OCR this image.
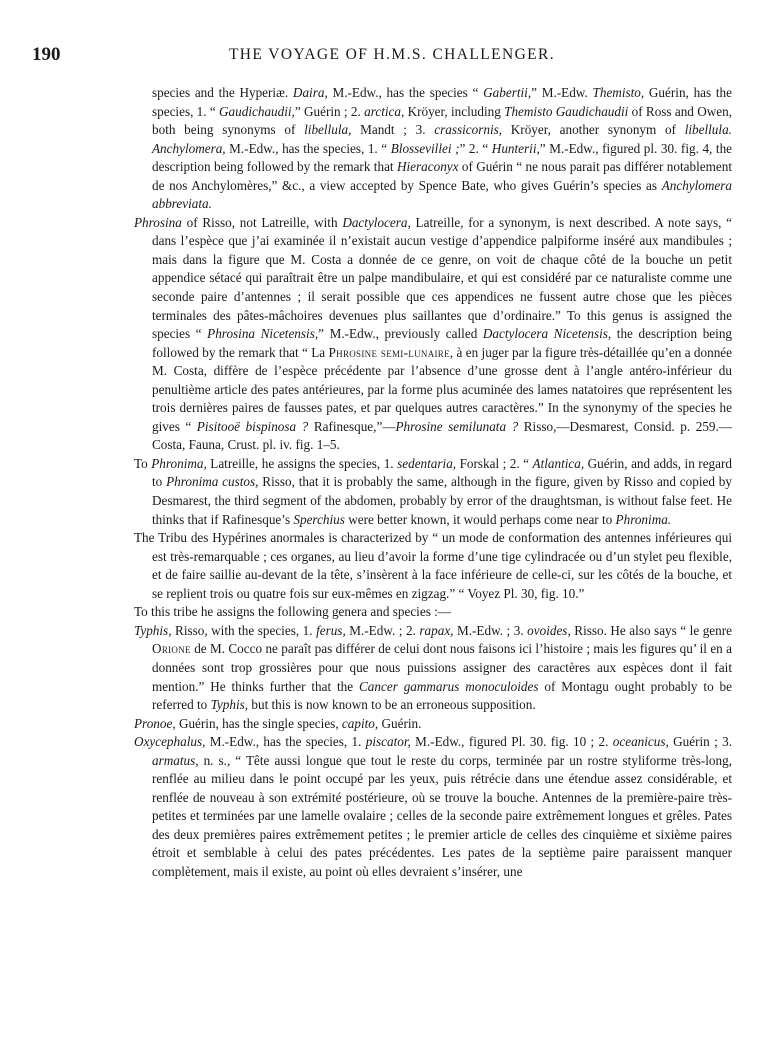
190	THE VOYAGE OF H.M.S. CHALLENGER.

species and the Hyperiæ. Daira, M.-Edw., has the species “ Gabertii,” M.-Edw. Themisto, Guérin, has the species, 1. “ Gaudichaudii,” Guérin ; 2. arctica, Kröyer, including Themisto Gaudichaudii of Ross and Owen, both being synonyms of libellula, Mandt ; 3. crassicornis, Kröyer, another synonym of libellula. Anchylomera, M.-Edw., has the species, 1. “ Blossevillei ;” 2. “ Hunterii,” M.-Edw., figured pl. 30. fig. 4, the description being followed by the remark that Hieraconyx of Guérin “ ne nous parait pas différer notablement de nos Anchylomères,” &c., a view accepted by Spence Bate, who gives Guérin’s species as Anchylomera abbreviata.

Phrosina of Risso, not Latreille, with Dactylocera, Latreille, for a synonym, is next described. A note says, “ dans l’espèce que j’ai examinée il n’existait aucun vestige d’appendice palpiforme inséré aux mandibules ; mais dans la figure que M. Costa a donnée de ce genre, on voit de chaque côté de la bouche un petit appendice sétacé qui paraîtrait être un palpe mandibulaire, et qui est considéré par ce naturaliste comme une seconde paire d’antennes ; il serait possible que ces appendices ne fussent autre chose que les pièces terminales des pâtes-mâchoires devenues plus saillantes que d’ordinaire.” To this genus is assigned the species “ Phrosina Nicetensis,” M.-Edw., previously called Dactylocera Nicetensis, the description being followed by the remark that “ La Phrosine semi-lunaire, à en juger par la figure très-détaillée qu’en a donnée M. Costa, diffère de l’espèce précédente par l’absence d’une grosse dent à l’angle antéro-inférieur du penultième article des pates antérieures, par la forme plus acuminée des lames natatoires que représentent les trois dernières paires de fausses pates, et par quelques autres caractères.” In the synonymy of the species he gives “ Pisitooë bispinosa ? Rafinesque,”—Phrosine semilunata ? Risso,—Desmarest, Consid. p. 259.—Costa, Fauna, Crust. pl. iv. fig. 1–5.

To Phronima, Latreille, he assigns the species, 1. sedentaria, Forskal ; 2. “ Atlantica, Guérin, and adds, in regard to Phronima custos, Risso, that it is probably the same, although in the figure, given by Risso and copied by Desmarest, the third segment of the abdomen, probably by error of the draughtsman, is without false feet. He thinks that if Rafinesque’s Sperchius were better known, it would perhaps come near to Phronima.

The Tribu des Hypérines anormales is characterized by “ un mode de conformation des antennes inférieures qui est très-remarquable ; ces organes, au lieu d’avoir la forme d’une tige cylindracée ou d’un stylet peu flexible, et de faire saillie au-devant de la tête, s’insèrent à la face inférieure de celle-ci, sur les côtés de la bouche, et se replient trois ou quatre fois sur eux-mêmes en zigzag.” “ Voyez Pl. 30, fig. 10.”

To this tribe he assigns the following genera and species :—

Typhis, Risso, with the species, 1. ferus, M.-Edw. ; 2. rapax, M.-Edw. ; 3. ovoides, Risso. He also says “ le genre Orione de M. Cocco ne paraît pas différer de celui dont nous faisons ici l’histoire ; mais les figures qu’ il en a données sont trop grossières pour que nous puissions assigner des caractères aux espèces dont il fait mention.” He thinks further that the Cancer gammarus monoculoides of Montagu ought probably to be referred to Typhis, but this is now known to be an erroneous supposition.

Pronoe, Guérin, has the single species, capito, Guérin.

Oxycephalus, M.-Edw., has the species, 1. piscator, M.-Edw., figured Pl. 30. fig. 10 ; 2. oceanicus, Guérin ; 3. armatus, n. s., “ Tête aussi longue que tout le reste du corps, terminée par un rostre styliforme très-long, renflée au milieu dans le point occupé par les yeux, puis rétrécie dans une étendue assez considérable, et renflée de nouveau à son extrémité postérieure, où se trouve la bouche. Antennes de la première-paire très-petites et terminées par une lamelle ovalaire ; celles de la seconde paire extrêmement longues et grêles. Pates des deux premières paires extrêmement petites ; le premier article de celles des cinquième et sixième paires étroit et semblable à celui des pates précédentes. Les pates de la septième paire paraissent manquer complètement, mais il existe, au point où elles devraient s’insérer, une
